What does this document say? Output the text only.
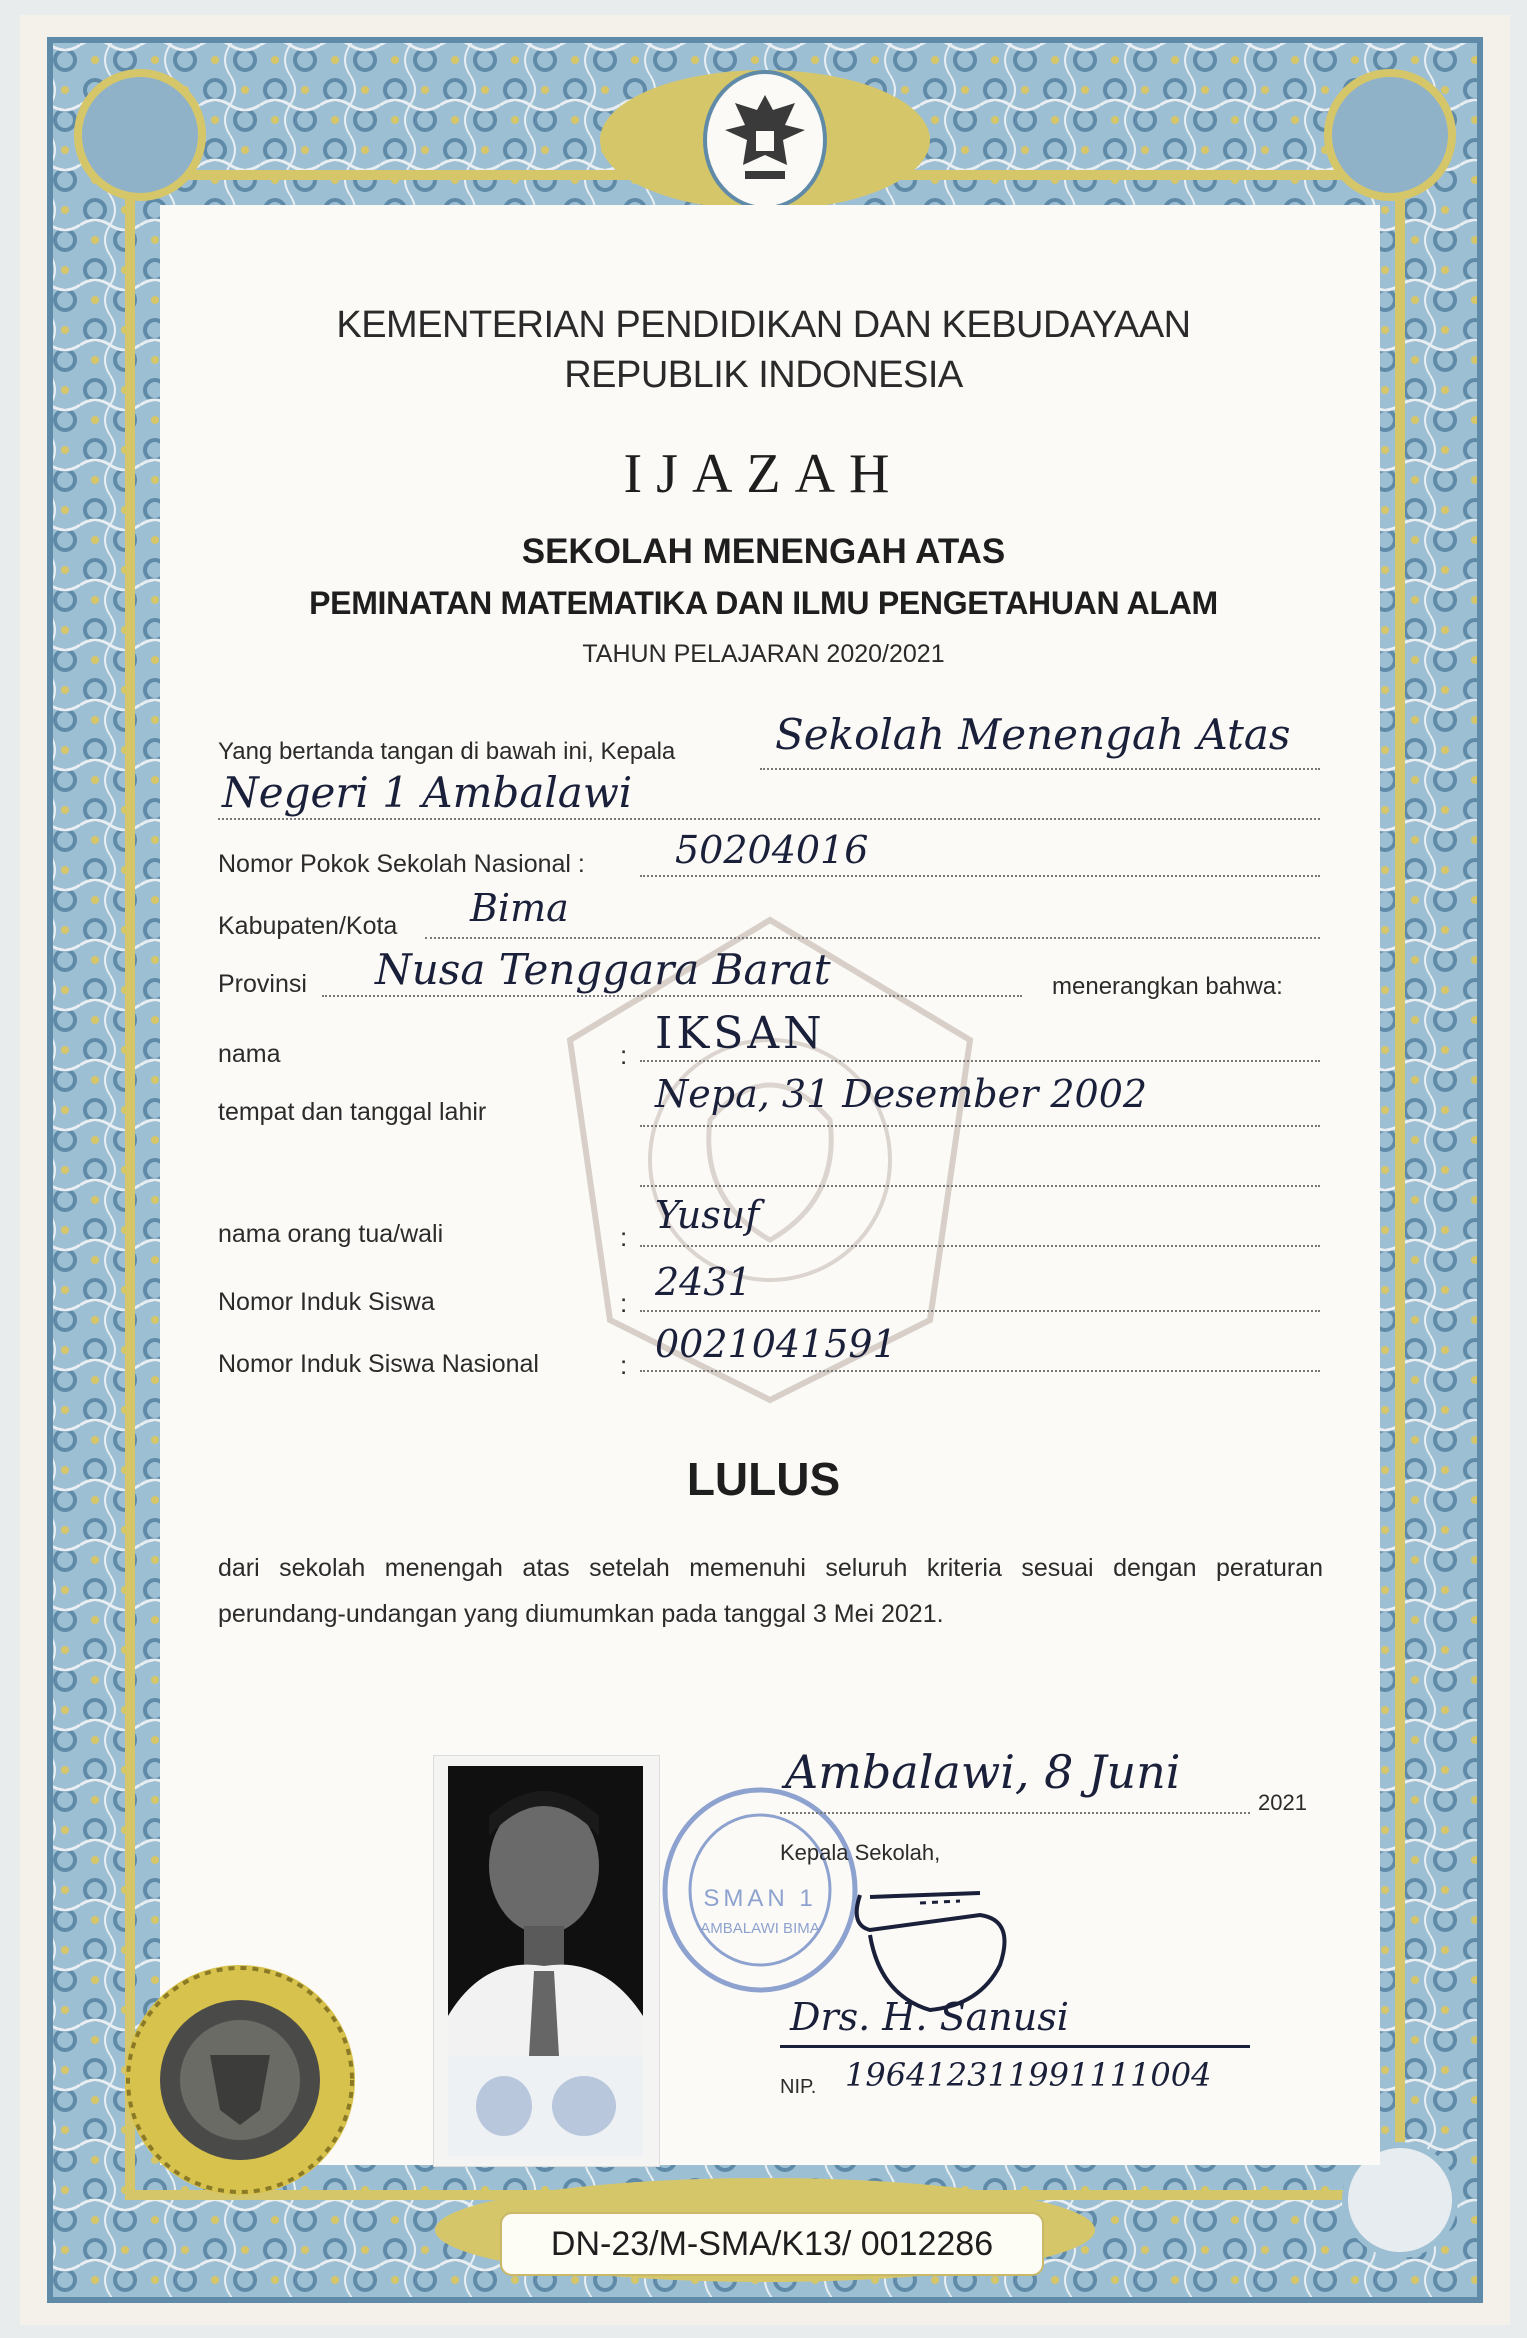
KEMENTERIAN PENDIDIKAN DAN KEBUDAYAAN
REPUBLIK INDONESIA
IJAZAH
SEKOLAH MENENGAH ATAS
PEMINATAN MATEMATIKA DAN ILMU PENGETAHUAN ALAM
TAHUN PELAJARAN 2020/2021
Yang bertanda tangan di bawah ini, Kepala Sekolah Menengah Atas
Negeri 1 Ambalawi
Nomor Pokok Sekolah Nasional : 50204016
Kabupaten/Kota Bima
Provinsi Nusa Tenggara Barat	menerangkan bahwa:
nama	: IKSAN
tempat dan tanggal lahir	Nepa, 31 Desember 2002
nama orang tua/wali	: Yusuf
Nomor Induk Siswa	: 2431
Nomor Induk Siswa Nasional	: 0021041591
LULUS
dari sekolah menengah atas setelah memenuhi seluruh kriteria sesuai dengan peraturan perundang-undangan yang diumumkan pada tanggal 3 Mei 2021.
2021
SMAN 1
AMBALAWI BIMA
Ambalawi, 8 Juni
2021
Kepala Sekolah,
Drs. H. Sanusi
NIP. 196412311991111004
DN-23/M-SMA/K13/ 0012286
